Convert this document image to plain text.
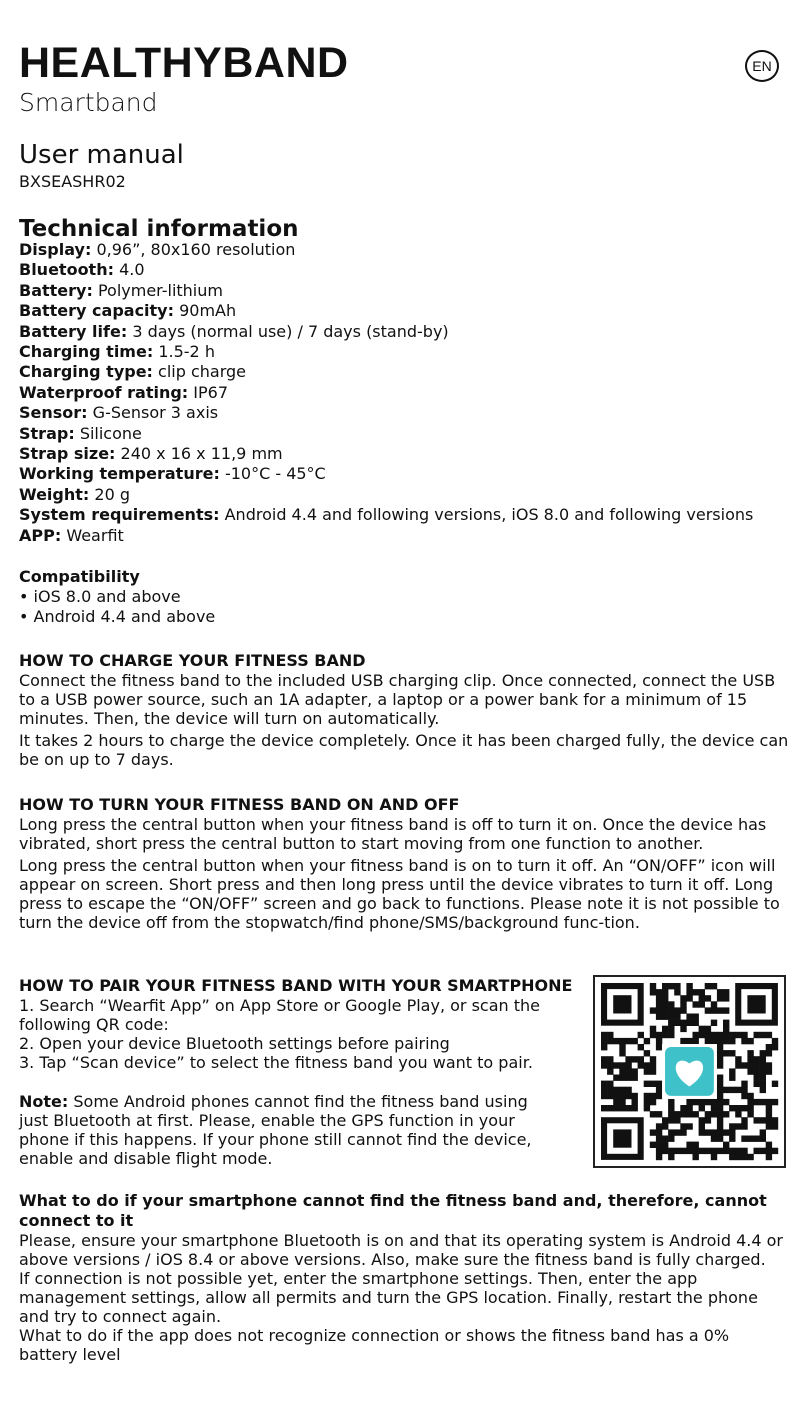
HEALTHYBAND
Smartband
EN
User manual
BXSEASHR02
Technical information
Display: 0,96”, 80x160 resolution
Bluetooth: 4.0
Battery: Polymer-lithium
Battery capacity: 90mAh
Battery life: 3 days (normal use) / 7 days (stand-by)
Charging time: 1.5-2 h
Charging type: clip charge
Waterproof rating: IP67
Sensor: G-Sensor 3 axis
Strap: Silicone
Strap size: 240 x 16 x 11,9 mm
Working temperature: -10°C - 45°C
Weight: 20 g
System requirements: Android 4.4 and following versions, iOS 8.0 and following versions
APP: Wearfit
Compatibility
• iOS 8.0 and above
• Android 4.4 and above
HOW TO CHARGE YOUR FITNESS BAND

Connect the fitness band to the included USB charging clip. Once connected, connect the USB to a USB power source, such an 1A adapter, a laptop or a power bank for a minimum of 15 minutes. Then, the device will turn on automatically.

It takes 2 hours to charge the device completely. Once it has been charged fully, the device can be on up to 7 days.

HOW TO TURN YOUR FITNESS BAND ON AND OFF

Long press the central button when your fitness band is off to turn it on. Once the device has vibrated, short press the central button to start moving from one function to another.

Long press the central button when your fitness band is on to turn it off. An “ON/OFF” icon will appear on screen. Short press and then long press until the device vibrates to turn it off. Long press to escape the “ON/OFF” screen and go back to functions. Please note it is not possible to turn the device off from the stopwatch/find phone/SMS/background func-tion.

HOW TO PAIR YOUR FITNESS BAND WITH YOUR SMARTPHONE

1. Search “Wearfit App” on App Store or Google Play, or scan the following QR code:

2. Open your device Bluetooth settings before pairing

3. Tap “Scan device” to select the fitness band you want to pair.

Note: Some Android phones cannot find the fitness band using just Bluetooth at first. Please, enable the GPS function in your phone if this happens. If your phone still cannot find the device, enable and disable flight mode.

What to do if your smartphone cannot find the fitness band and, therefore, cannot connect to it

Please, ensure your smartphone Bluetooth is on and that its operating system is Android 4.4 or above versions / iOS 8.4 or above versions. Also, make sure the fitness band is fully charged.

If connection is not possible yet, enter the smartphone settings. Then, enter the app management settings, allow all permits and turn the GPS location. Finally, restart the phone and try to connect again.

What to do if the app does not recognize connection or shows the fitness band has a 0% battery level
